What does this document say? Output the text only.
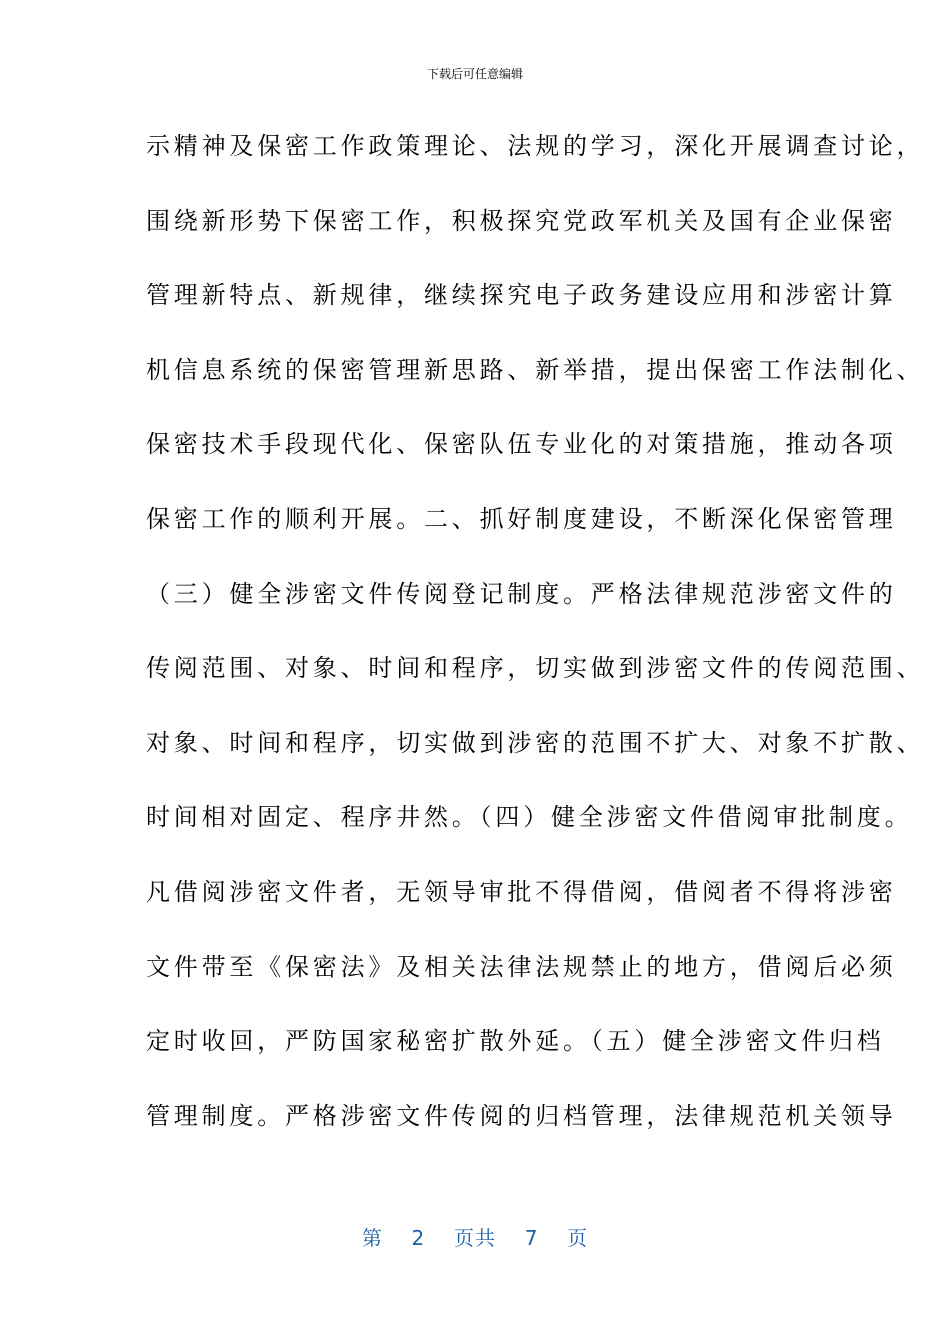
下载后可任意编辑
示精神及保密工作政策理论、法规的学习，深化开展调查讨论，
围绕新形势下保密工作，积极探究党政军机关及国有企业保密
管理新特点、新规律，继续探究电子政务建设应用和涉密计算
机信息系统的保密管理新思路、新举措，提出保密工作法制化、
保密技术手段现代化、保密队伍专业化的对策措施，推动各项
保密工作的顺利开展。二、抓好制度建设，不断深化保密管理
（三）健全涉密文件传阅登记制度。严格法律规范涉密文件的
传阅范围、对象、时间和程序，切实做到涉密文件的传阅范围、
对象、时间和程序，切实做到涉密的范围不扩大、对象不扩散、
时间相对固定、程序井然。（四）健全涉密文件借阅审批制度。
凡借阅涉密文件者，无领导审批不得借阅，借阅者不得将涉密
文件带至《保密法》及相关法律法规禁止的地方，借阅后必须
定时收回，严防国家秘密扩散外延。（五）健全涉密文件归档
管理制度。严格涉密文件传阅的归档管理，法律规范机关领导
第 2 页共 7 页
